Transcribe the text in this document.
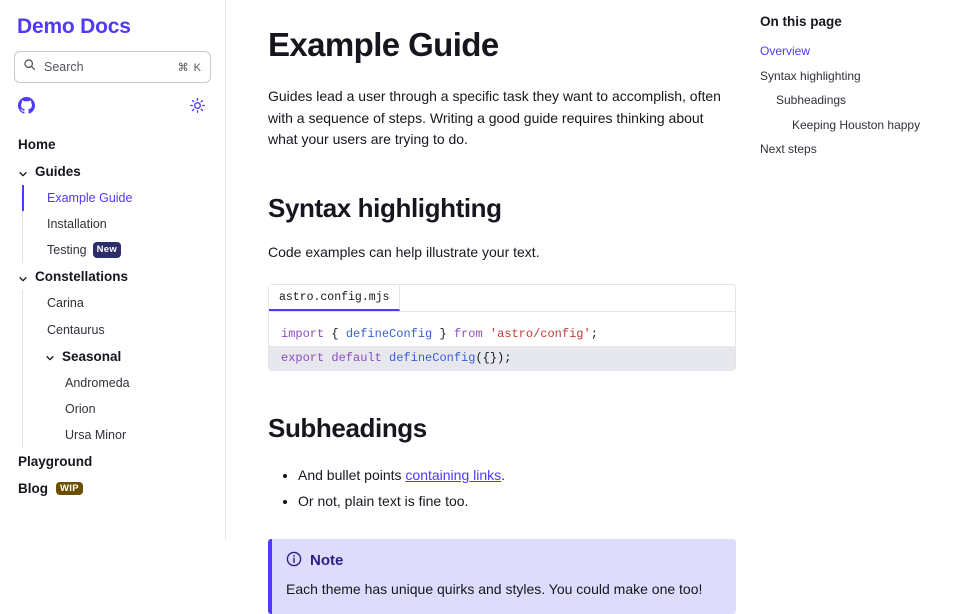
Demo Docs
Search	⌘ K
Home
Guides
Example Guide
Installation
Testing	New
Constellations
Carina
Centaurus
Seasonal
Andromeda
Orion
Ursa Minor
Playground
Blog	WIP
Example Guide

Guides lead a user through a specific task they want to accomplish, often with a sequence of steps. Writing a good guide requires thinking about what your users are trying to do.

Syntax highlighting

Code examples can help illustrate your text.

astro.config.mjs
import { defineConfig } from 'astro/config';
export default defineConfig({});
Subheadings
• And bullet points containing links.
• Or not, plain text is fine too.
Note
Each theme has unique quirks and styles. You could make one too!
On this page
Overview
Syntax highlighting
Subheadings
Keeping Houston happy
Next steps
